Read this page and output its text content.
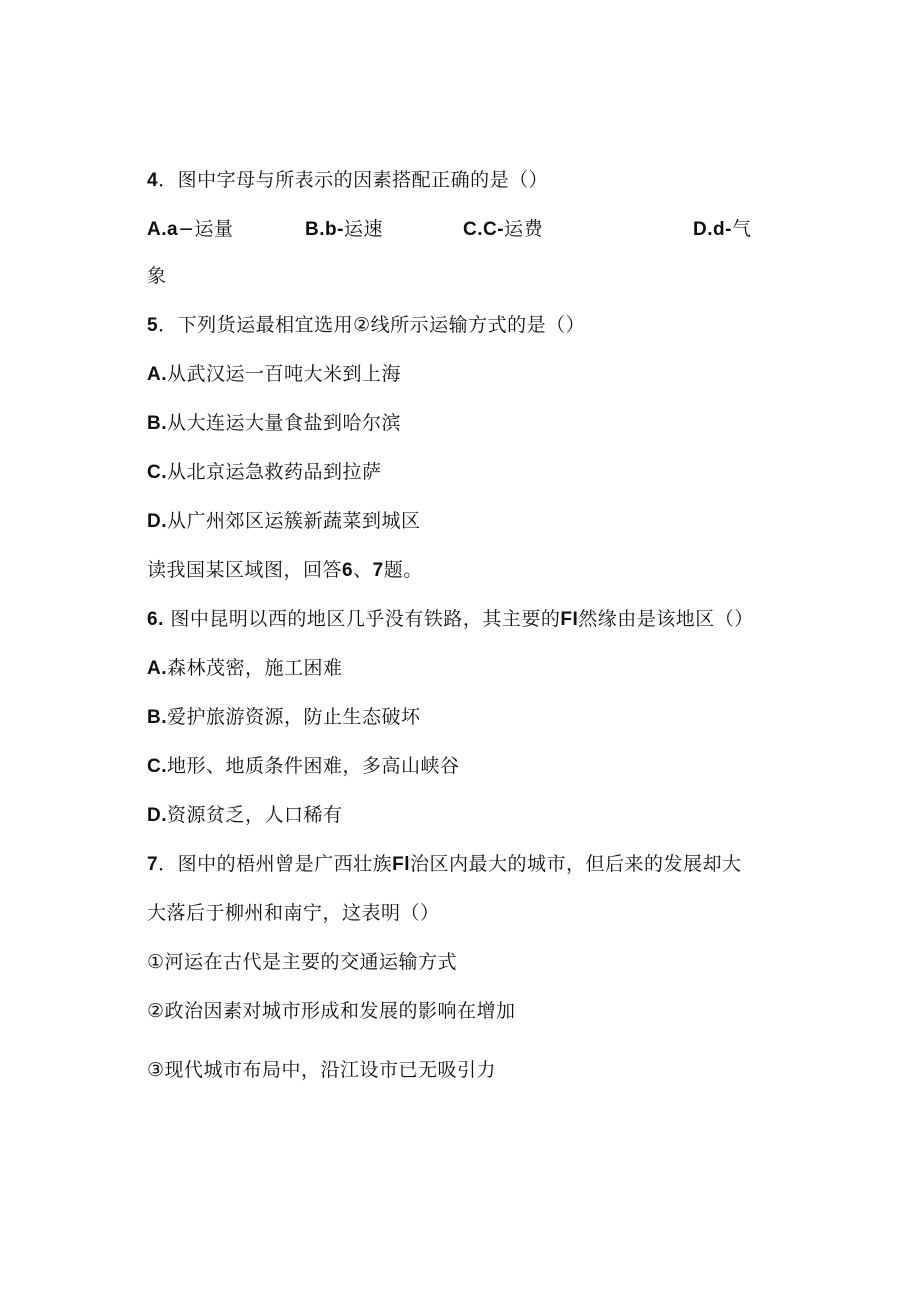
4．图中字母与所表示的因素搭配正确的是（）
A.a−运量	B.b-运速	C.C-运费	D.d-气
象
5．下列货运最相宜选用②线所示运输方式的是（）
A.从武汉运一百吨大米到上海
B.从大连运大量食盐到哈尔滨
C.从北京运急救药品到拉萨
D.从广州郊区运簇新蔬菜到城区
读我国某区域图，回答6、7题。
6. 图中昆明以西的地区几乎没有铁路，其主要的FI然缘由是该地区（）
A.森林茂密，施工困难
B.爱护旅游资源，防止生态破坏
C.地形、地质条件困难，多高山峡谷
D.资源贫乏，人口稀有
7．图中的梧州曾是广西壮族Fl治区内最大的城市，但后来的发展却大
大落后于柳州和南宁，这表明（）
①河运在古代是主要的交通运输方式
②政治因素对城市形成和发展的影响在增加
③现代城市布局中，沿江设市已无吸引力
